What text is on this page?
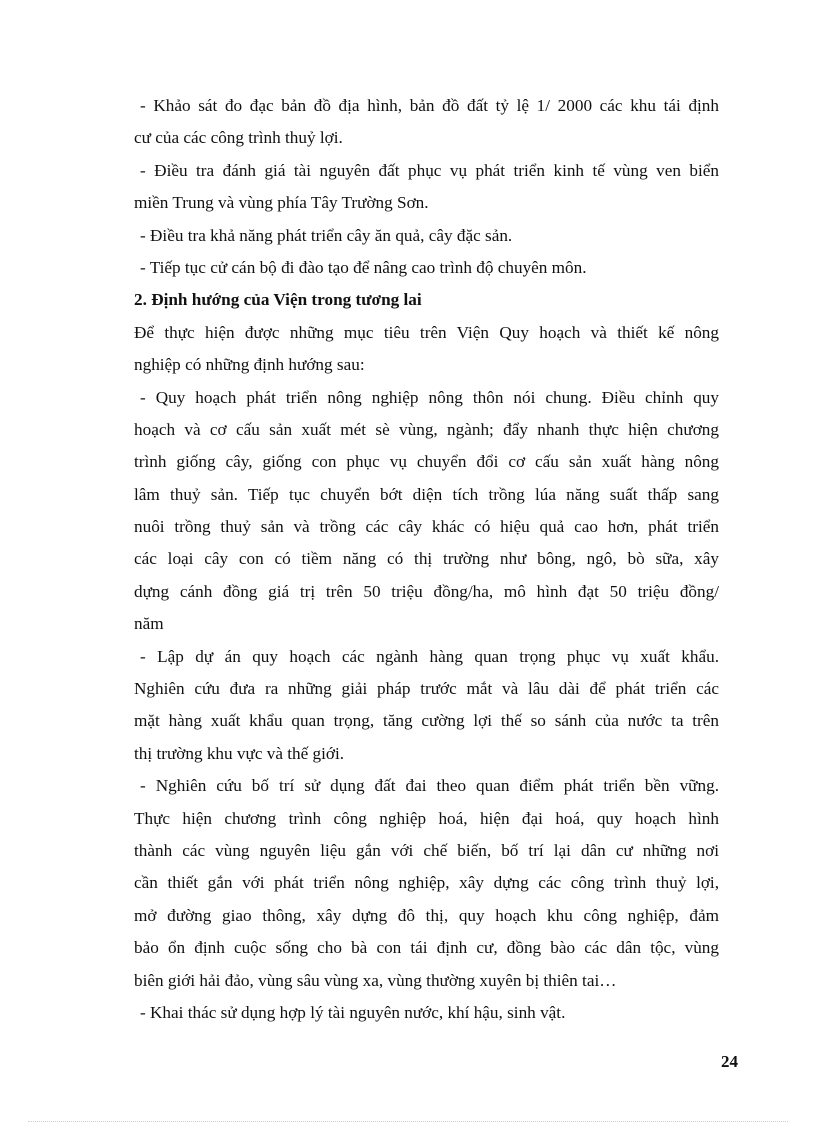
- Khảo sát đo đạc bản đồ địa hình, bản đồ đất tỷ lệ 1/ 2000 các khu tái định
cư của các công trình thuỷ lợi.
- Điều tra đánh giá tài nguyên đất phục vụ phát triển kinh tế vùng ven biển
miền Trung và vùng phía Tây Trường Sơn.
- Điều tra khả năng phát triển cây ăn quả, cây đặc sản.
- Tiếp tục cử cán bộ đi đào tạo để nâng cao trình độ chuyên môn.
2. Định hướng của Viện trong tương lai
Để thực hiện được những mục tiêu trên Viện Quy hoạch và thiết kế nông
nghiệp có những định hướng sau:
- Quy hoạch phát triển nông nghiệp nông thôn nói chung. Điều chỉnh quy
hoạch và cơ cấu sản xuất mét sè vùng, ngành; đẩy nhanh thực hiện chương
trình giống cây, giống con phục vụ chuyển đổi cơ cấu sản xuất hàng nông
lâm thuỷ sản. Tiếp tục chuyển bớt diện tích trồng lúa năng suất thấp sang
nuôi trồng thuỷ sản và trồng các cây khác có hiệu quả cao hơn, phát triển
các loại cây con có tiềm năng có thị trường như bông, ngô, bò sữa, xây
dựng cánh đồng giá trị trên 50 triệu đồng/ha, mô hình đạt 50 triệu đồng/
năm
- Lập dự án quy hoạch các ngành hàng quan trọng phục vụ xuất khẩu.
Nghiên cứu đưa ra những giải pháp trước mắt và lâu dài để phát triển các
mặt hàng xuất khẩu quan trọng, tăng cường lợi thế so sánh của nước ta trên
thị trường khu vực và thế giới.
- Nghiên cứu bố trí sử dụng đất đai theo quan điểm phát triển bền vững.
Thực hiện chương trình công nghiệp hoá, hiện đại hoá, quy hoạch hình
thành các vùng nguyên liệu gắn với chế biến, bố trí lại dân cư những nơi
cần thiết gắn với phát triển nông nghiệp, xây dựng các công trình thuỷ lợi,
mở đường giao thông, xây dựng đô thị, quy hoạch khu công nghiệp, đảm
bảo ổn định cuộc sống cho bà con tái định cư, đồng bào các dân tộc, vùng
biên giới hải đảo, vùng sâu vùng xa, vùng thường xuyên bị thiên tai…
- Khai thác sử dụng hợp lý tài nguyên nước, khí hậu, sinh vật.
24
